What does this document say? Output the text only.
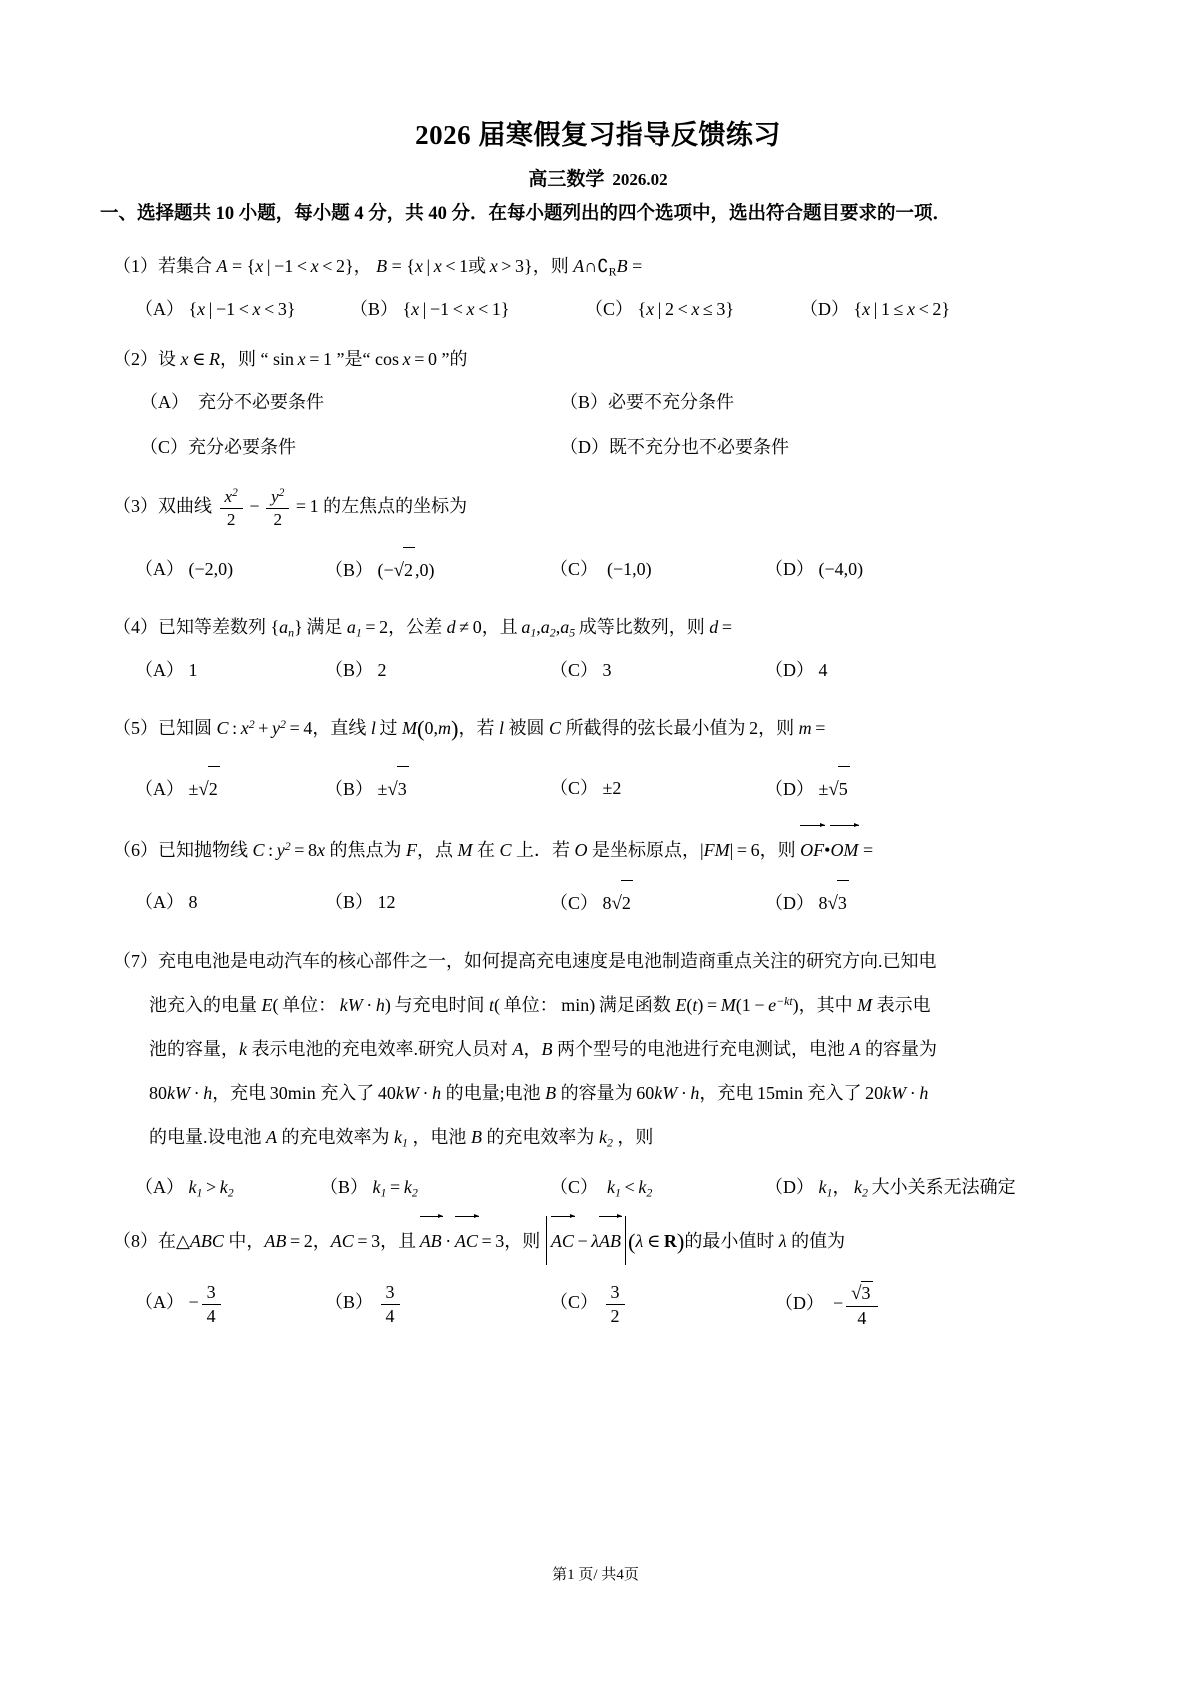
2026 届寒假复习指导反馈练习
高三数学 2026.02
一、选择题共 10 小题，每小题 4 分，共 40 分．在每小题列出的四个选项中，选出符合题目要求的一项．
（1）若集合 A = {x | −1 < x < 2}， B = {x | x < 1或 x > 3}，则 $A\cap∁_RB$ =
（A） {x | −1 < x < 3}	（B） {x | −1 < x < 1}	（C） {x | 2 < x ≤ 3}	（D） {x | 1 ≤ x < 2}
（2）设 x ∈ R，则 “ sin  x = 1 ”是“ cos  x = 0 ”的
（A） 充分不必要条件	（B）必要不充分条件
（C）充分必要条件	（D）既不充分也不必要条件
（3）双曲线 $\frac{x^2}{2} - \frac{y^2}{2} = 1$ 的左焦点的坐标为
（A） (−2,0)	（B） (−√2 ,0)	（C）  (−1,0)	（D） (−4,0)
（4）已知等差数列 $\{a_n\}$ 满足 $a_1 = 2$，公差 d ≠ 0，且 $a_1,a_2,a_5$ 成等比数列，则 d =
（A） 1	（B） 2	（C） 3	（D） 4
（5）已知圆 C : $x^2 + y^2 = 4$，直线 l 过 M(0,m)，若 l 被圆 C 所截得的弦长最小值为 2，则 m =
（A） ±√2	（B） ±√3	（C） ±2	（D） ±√5
（6）已知抛物线 C : $y^2 = 8x$ 的焦点为 F，点 M 在 C 上．若 O 是坐标原点，|FM| = 6，则 OF•OM =
（A） 8	（B） 12	（C） 8√2	（D） 8√3
（7）充电电池是电动汽车的核心部件之一，如何提高充电速度是电池制造商重点关注的研究方向.已知电
池充入的电量 E( 单位： kW · h) 与充电时间 t( 单位： min) 满足函数 $E(t) = M(1 - e^{-kt})$，其中 M 表示电
池的容量，k 表示电池的充电效率.研究人员对 A，B 两个型号的电池进行充电测试，电池 A 的容量为
80kW · h，充电 30min 充入了 40kW · h 的电量;电池 B 的容量为 60kW · h，充电 15min 充入了 20kW · h
的电量.设电池 A 的充电效率为 $k_1$ ，电池 B 的充电效率为 $k_2$ ，则
（A） $k_1 > k_2$	（B） $k_1 = k_2$	（C） $k_1 < k_2$	（D） $k_1$， $k_2$ 大小关系无法确定
（8）在△ABC 中，AB = 2，AC = 3，且 AB · AC = 3，则 AC − λAB (λ ∈ R)的最小值时 λ 的值为
$(A) - \frac{3}{4}$	$(B) \frac{3}{4}$	$(C) \frac{3}{2}$	$(D) - \frac{√3}{4}$
第1 页/ 共4页
